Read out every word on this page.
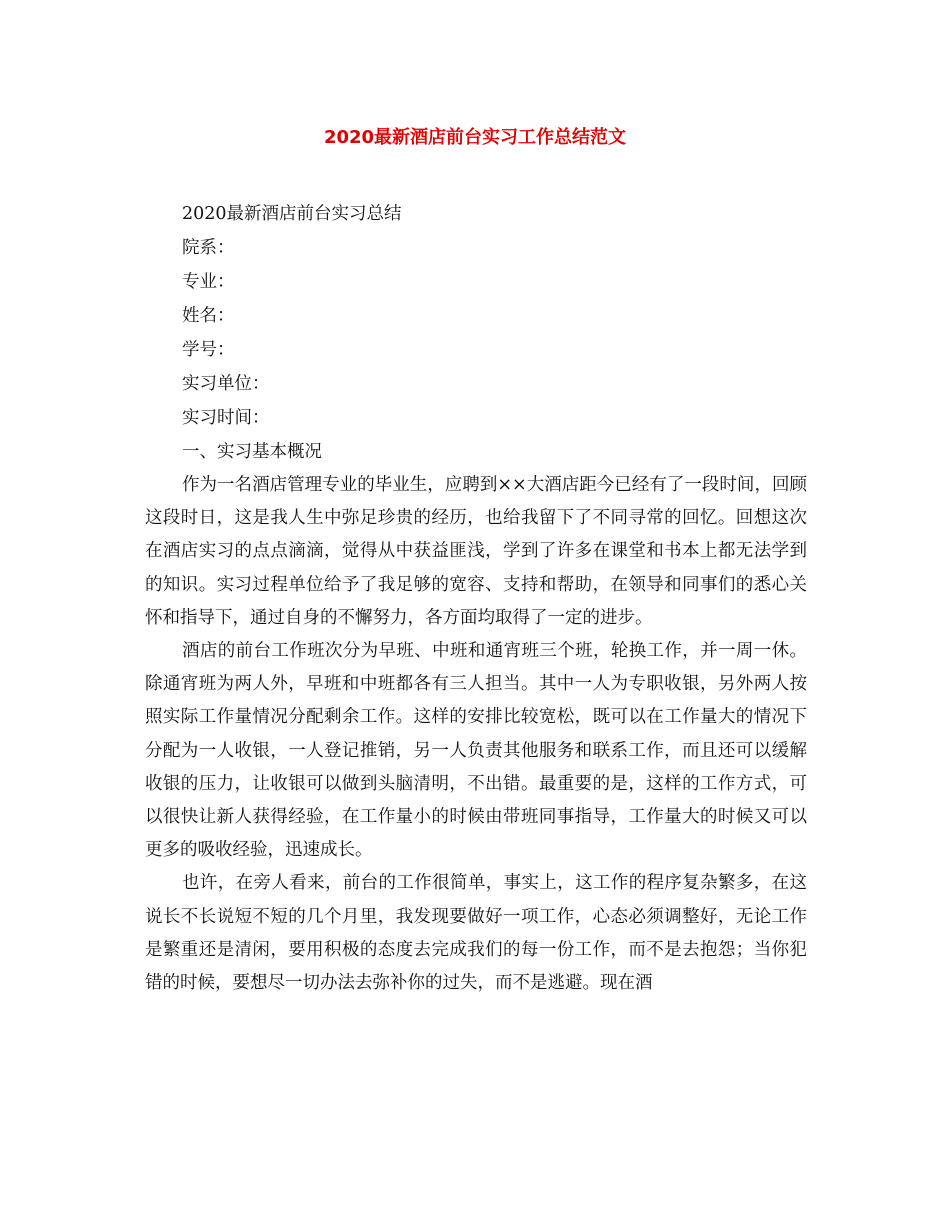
2020最新酒店前台实习工作总结范文

2020最新酒店前台实习总结

院系：

专业：

姓名：

学号：

实习单位：

实习时间：

一、实习基本概况

作为一名酒店管理专业的毕业生，应聘到××大酒店距今已经有了一段时间，回顾这段时日，这是我人生中弥足珍贵的经历，也给我留下了不同寻常的回忆。回想这次在酒店实习的点点滴滴，觉得从中获益匪浅，学到了许多在课堂和书本上都无法学到的知识。实习过程单位给予了我足够的宽容、支持和帮助，在领导和同事们的悉心关怀和指导下，通过自身的不懈努力，各方面均取得了一定的进步。

酒店的前台工作班次分为早班、中班和通宵班三个班，轮换工作，并一周一休。除通宵班为两人外，早班和中班都各有三人担当。其中一人为专职收银，另外两人按照实际工作量情况分配剩余工作。这样的安排比较宽松，既可以在工作量大的情况下分配为一人收银，一人登记推销，另一人负责其他服务和联系工作，而且还可以缓解收银的压力，让收银可以做到头脑清明，不出错。最重要的是，这样的工作方式，可以很快让新人获得经验，在工作量小的时候由带班同事指导，工作量大的时候又可以更多的吸收经验，迅速成长。

也许，在旁人看来，前台的工作很简单，事实上，这工作的程序复杂繁多，在这说长不长说短不短的几个月里，我发现要做好一项工作，心态必须调整好，无论工作是繁重还是清闲，要用积极的态度去完成我们的每一份工作，而不是去抱怨；当你犯错的时候，要想尽一切办法去弥补你的过失，而不是逃避。现在酒
